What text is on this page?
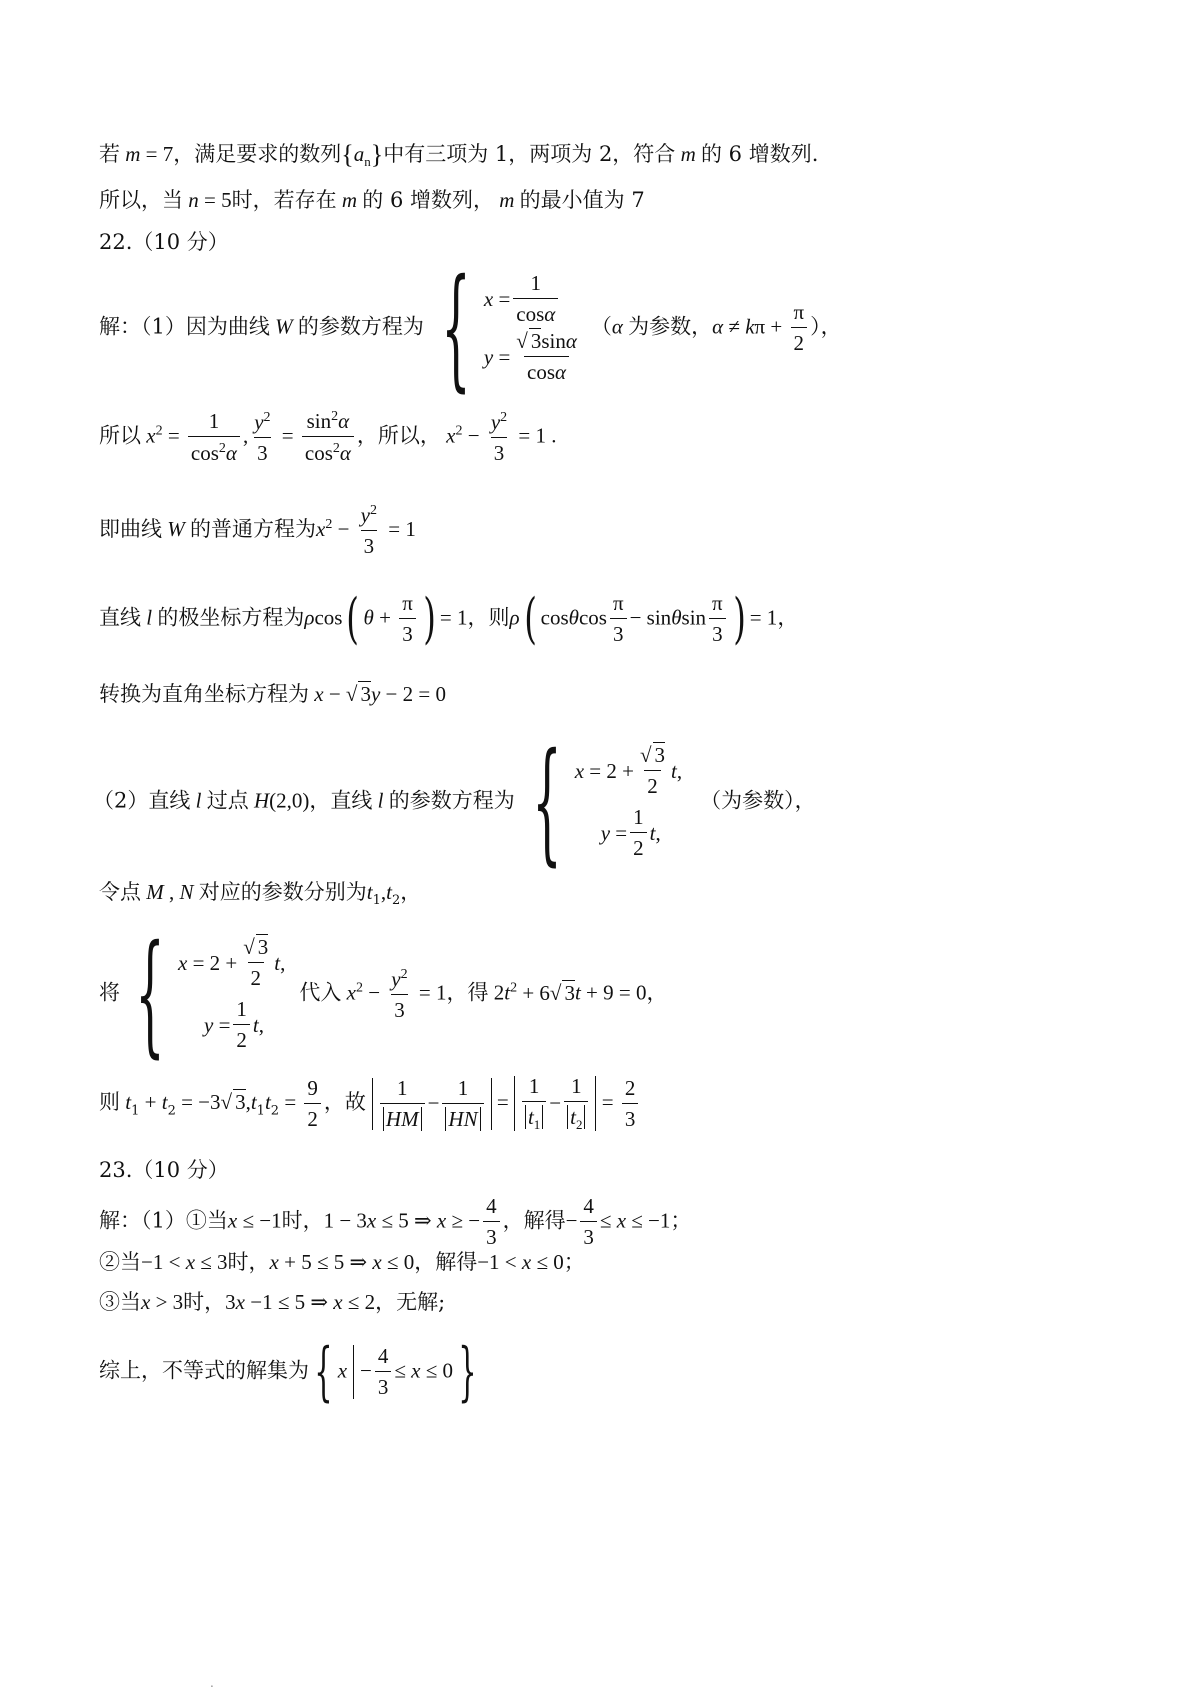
若 m = 7，满足要求的数列$\{a_n\}$中有三项为 1，两项为 2，符合 m 的 6 增数列.
所以，当 n = 5时，若存在 m 的 6 增数列， m 的最小值为 7
22.（10 分）
解：（1）因为曲线 W 的参数方程为 { $x = \frac{1}{\cos\alpha}$
$y = \frac{√ 3\sin\alpha}{\cos\alpha}$
（α 为参数，$\alpha \ne k\pi + \frac{\pi}{2}$ ），
所以 $x^2 = \frac{1}{\cos^2\alpha}$ , $\frac{y^2}{3} = \frac{\sin^2\alpha}{\cos^2\alpha}$ ，所以， $x^2 - \frac{y^2}{3} = 1$ .
即曲线 W 的普通方程为$x^2 - \frac{y^2}{3} = 1$
直线 l 的极坐标方程为ρcos( $\theta + \frac{\pi}{3}$ ) = 1，则ρ( cosθcos $\frac{\pi}{3} - \sin\theta\sin \frac{\pi}{3}$ ) = 1，
转换为直角坐标方程为 x − √ 3y − 2 = 0
（2）直线 l 过点 H(2,0)，直线 l 的参数方程为 { $x = 2 + \frac{√ 3}{2}$ t ,
$y = \frac{1}{2}$ t ,
（为参数），
令点 M , N 对应的参数分别为$t_1,t_2$，
将 { $x = 2 + \frac{√ 3}{2}$ t ,
$y = \frac{1}{2}$ t ,
代入 $x^2 - \frac{y^2}{3} = 1$，得 $2t^2 + 6√$ 3t + 9 = 0，
则 $t_1 + t_2 = -3√$ $3,t_1t_2 = \frac{9}{2}$ ，故 $\frac{1}{HM} - \frac{1}{HN} = \frac{1}{t_1} - \frac{1}{t_2} = \frac{2}{3}$
23.（10 分）
解：（1）①当x ≤ −1时，1 − 3x ≤ 5 ⇒ x ≥ − $\frac{4}{3}$ ，解得− $\frac{4}{3} \le x \le -1$；
②当−1 < x ≤ 3时，x + 5 ≤ 5 ⇒ x ≤ 0，解得−1 < x ≤ 0；
③当x > 3时，3x −1 ≤ 5 ⇒ x ≤ 2，无解;
综上，不等式的解集为{ $x - \frac{4}{3} \le x \le 0$}
.
